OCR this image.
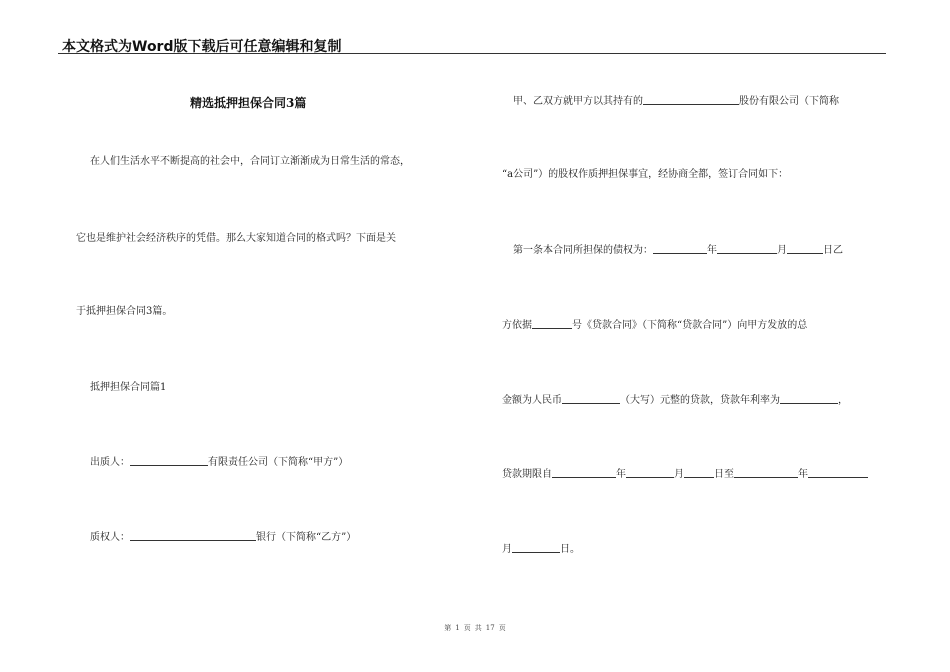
本文格式为Word版下载后可任意编辑和复制
精选抵押担保合同3篇
在人们生活水平不断提高的社会中，合同订立渐渐成为日常生活的常态，
它也是维护社会经济秩序的凭借。那么大家知道合同的格式吗？下面是关
于抵押担保合同3篇。
抵押担保合同篇1
出质人：	有限责任公司（下简称“甲方”）
质权人：	银行（下简称“乙方”）
甲、乙双方就甲方以其持有的	股份有限公司（下简称
“a公司”）的股权作质押担保事宜，经协商全都，签订合同如下：
第一条本合同所担保的债权为：	年	月	日乙
方依据	号《贷款合同》（下简称“贷款合同”）向甲方发放的总
金额为人民币	（大写）元整的贷款，贷款年利率为	，
贷款期限自	年	月	日至	年
月	日。
第 1 页 共 17 页
